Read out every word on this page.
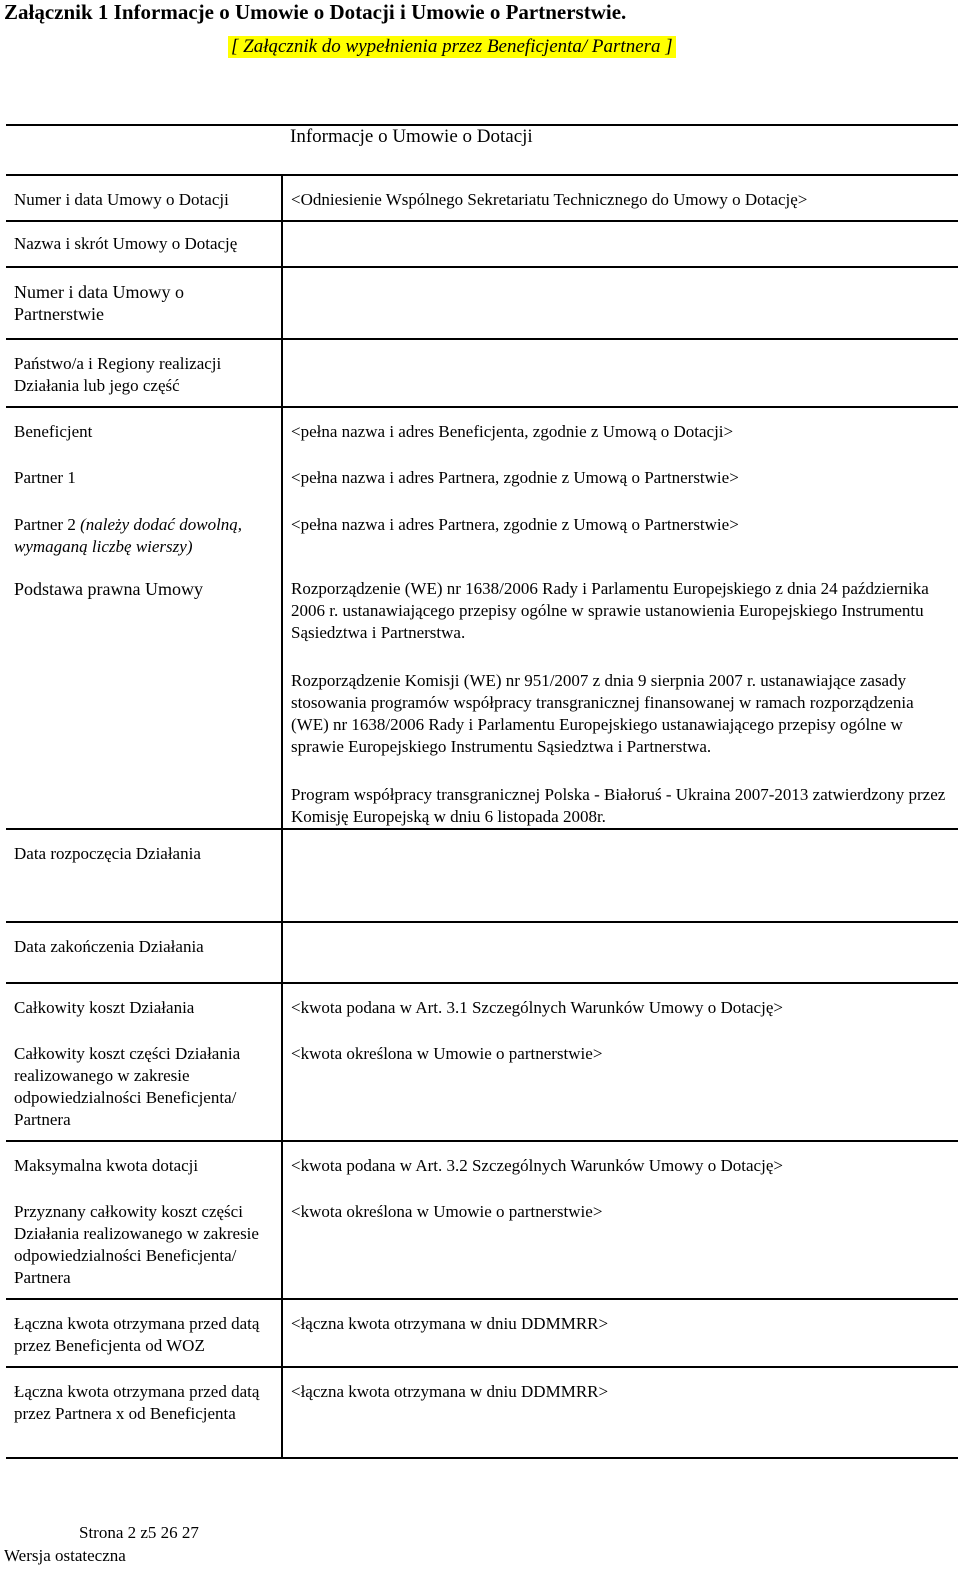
Załącznik 1 Informacje o Umowie o Dotacji i Umowie o Partnerstwie.
[ Załącznik do wypełnienia przez Beneficjenta/ Partnera ]
	Informacje o Umowie o Dotacji
Numer i data Umowy o Dotacji	<Odniesienie Wspólnego Sekretariatu Technicznego do Umowy o Dotację>
Nazwa i skrót Umowy o Dotację	
Numer i data Umowy o Partnerstwie	
Państwo/a i Regiony realizacji Działania lub jego część	
Beneficjent	<pełna nazwa i adres Beneficjenta, zgodnie z Umową o Dotacji>
Partner 1	<pełna nazwa i adres Partnera, zgodnie z Umową o Partnerstwie>
Partner 2 (należy dodać dowolną, wymaganą liczbę wierszy)	<pełna nazwa i adres Partnera, zgodnie z Umową o Partnerstwie>
Podstawa prawna Umowy	Rozporządzenie (WE) nr 1638/2006 Rady i Parlamentu Europejskiego z dnia 24 października 2006 r. ustanawiającego przepisy ogólne w sprawie ustanowienia Europejskiego Instrumentu Sąsiedztwa i Partnerstwa.

Rozporządzenie Komisji (WE) nr 951/2007 z dnia 9 sierpnia 2007 r. ustanawiające zasady stosowania programów współpracy transgranicznej finansowanej w ramach rozporządzenia (WE) nr 1638/2006 Rady i Parlamentu Europejskiego ustanawiającego przepisy ogólne w sprawie Europejskiego Instrumentu Sąsiedztwa i Partnerstwa.

Program współpracy transgranicznej Polska - Białoruś - Ukraina 2007-2013 zatwierdzony przez Komisję Europejską w dniu 6 listopada 2008r.

Data rozpoczęcia Działania	
Data zakończenia Działania	
Całkowity koszt Działania	<kwota podana w Art. 3.1 Szczególnych Warunków Umowy o Dotację>
Całkowity koszt części Działania realizowanego w zakresie odpowiedzialności Beneficjenta/ Partnera	<kwota określona w Umowie o partnerstwie>
Maksymalna kwota dotacji	<kwota podana w Art. 3.2 Szczególnych Warunków Umowy o Dotację>
Przyznany całkowity koszt części Działania realizowanego w zakresie odpowiedzialności Beneficjenta/ Partnera	<kwota określona w Umowie o partnerstwie>
Łączna kwota otrzymana przed datą przez Beneficjenta od WOZ	<łączna kwota otrzymana w dniu DDMMRR>
Łączna kwota otrzymana przed datą przez Partnera x od Beneficjenta	<łączna kwota otrzymana w dniu DDMMRR>
Strona 2 z5 26 27
Wersja ostateczna
